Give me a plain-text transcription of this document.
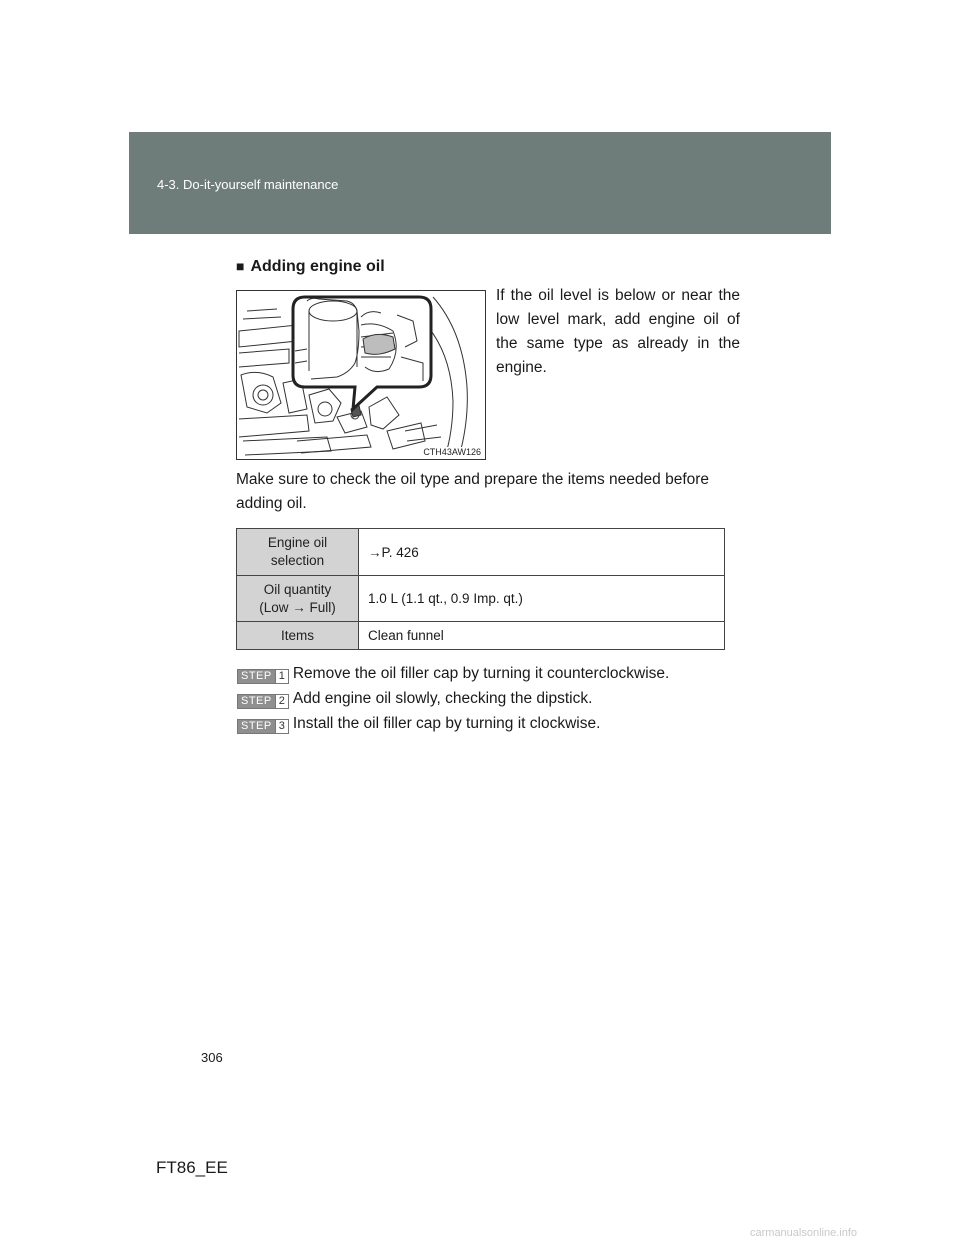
4-3. Do-it-yourself maintenance
■ Adding engine oil
CTH43AW126
If the oil level is below or near the low level mark, add engine oil of the same type as already in the engine.
Make sure to check the oil type and prepare the items needed before adding oil.
Engine oil
selection	→P. 426
Oil quantity
(Low → Full)	1.0 L (1.1 qt., 0.9 Imp. qt.)
Items	Clean funnel
STEP 1 Remove the oil filler cap by turning it counterclockwise.
STEP 2 Add engine oil slowly, checking the dipstick.
STEP 3 Install the oil filler cap by turning it clockwise.
306
FT86_EE
carmanualsonline.info
